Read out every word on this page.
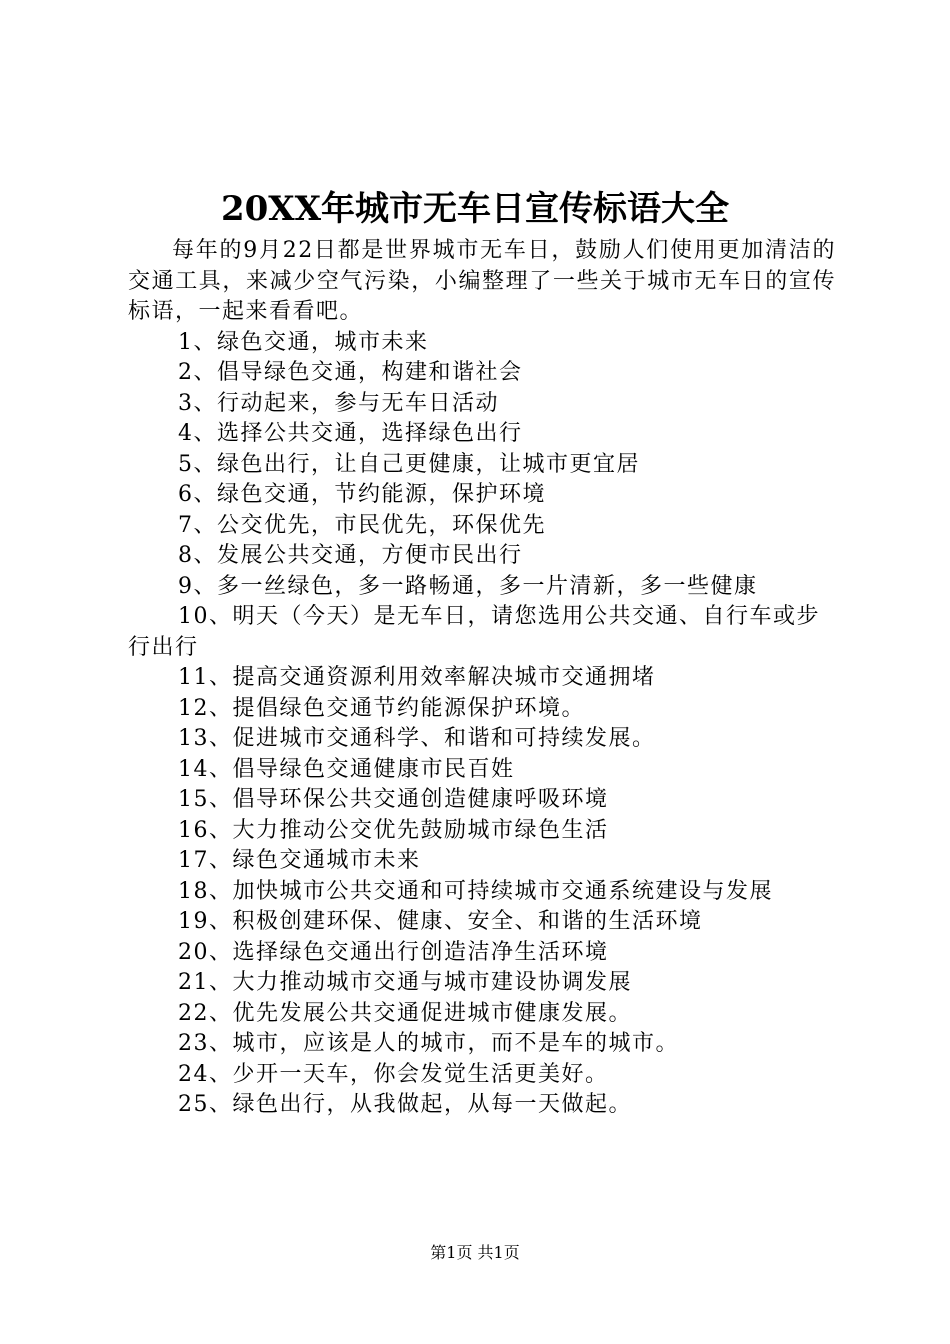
20XX年城市无车日宣传标语大全

每年的9月22日都是世界城市无车日，鼓励人们使用更加清洁的交通工具，来减少空气污染，小编整理了一些关于城市无车日的宣传标语，一起来看看吧。

1、绿色交通，城市未来
2、倡导绿色交通，构建和谐社会
3、行动起来，参与无车日活动
4、选择公共交通，选择绿色出行
5、绿色出行，让自己更健康，让城市更宜居
6、绿色交通，节约能源，保护环境
7、公交优先，市民优先，环保优先
8、发展公共交通，方便市民出行
9、多一丝绿色，多一路畅通，多一片清新，多一些健康
10、明天（今天）是无车日，请您选用公共交通、自行车或步行出行
11、提高交通资源利用效率解决城市交通拥堵
12、提倡绿色交通节约能源保护环境。
13、促进城市交通科学、和谐和可持续发展。
14、倡导绿色交通健康市民百姓
15、倡导环保公共交通创造健康呼吸环境
16、大力推动公交优先鼓励城市绿色生活
17、绿色交通城市未来
18、加快城市公共交通和可持续城市交通系统建设与发展
19、积极创建环保、健康、安全、和谐的生活环境
20、选择绿色交通出行创造洁净生活环境
21、大力推动城市交通与城市建设协调发展
22、优先发展公共交通促进城市健康发展。
23、城市，应该是人的城市，而不是车的城市。
24、少开一天车，你会发觉生活更美好。
25、绿色出行，从我做起，从每一天做起。
第1页 共1页
